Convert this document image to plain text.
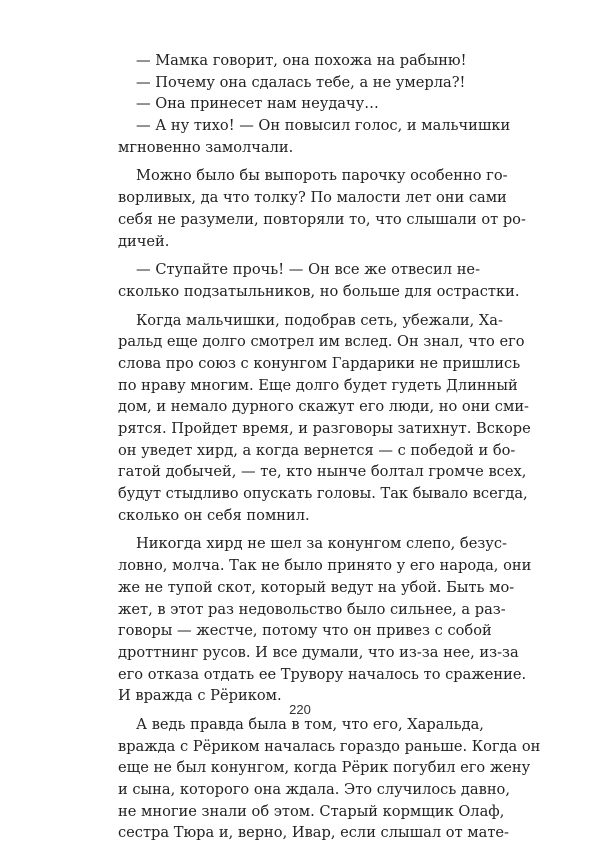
— Мамка говорит, она похожа на рабыню!
— Почему она сдалась тебе, а не умерла?!
— Она принесет нам неудачу…
— А ну тихо! — Он повысил голос, и мальчишки
мгновенно замолчали.
Можно было бы выпороть парочку особенно го-
ворливых, да что толку? По малости лет они сами
себя не разумели, повторяли то, что слышали от ро-
дичей.
— Ступайте прочь! — Он все же отвесил не-
сколько подзатыльников, но больше для острастки.
Когда мальчишки, подобрав сеть, убежали, Ха-
ральд еще долго смотрел им вслед. Он знал, что его
слова про союз с конунгом Гардарики не пришлись
по нраву многим. Еще долго будет гудеть Длинный
дом, и немало дурного скажут его люди, но они сми-
рятся. Пройдет время, и разговоры затихнут. Вскоре
он уведет хирд, а когда вернется — с победой и бо-
гатой добычей, — те, кто нынче болтал громче всех,
будут стыдливо опускать головы. Так бывало всегда,
сколько он себя помнил.
Никогда хирд не шел за конунгом слепо, безус-
ловно, молча. Так не было принято у его народа, они
же не тупой скот, который ведут на убой. Быть мо-
жет, в этот раз недовольство было сильнее, а раз-
говоры — жестче, потому что он привез с собой
дроттнинг русов. И все думали, что из-за нее, из-за
его отказа отдать ее Трувору началось то сражение.
И вражда с Рёриком.
А ведь правда была в том, что его, Харальда,
вражда с Рёриком началась гораздо раньше. Когда он
еще не был конунгом, когда Рёрик погубил его жену
и сына, которого она ждала. Это случилось давно,
не многие знали об этом. Старый кормщик Олаф,
сестра Тюра и, верно, Ивар, если слышал от мате-
220
